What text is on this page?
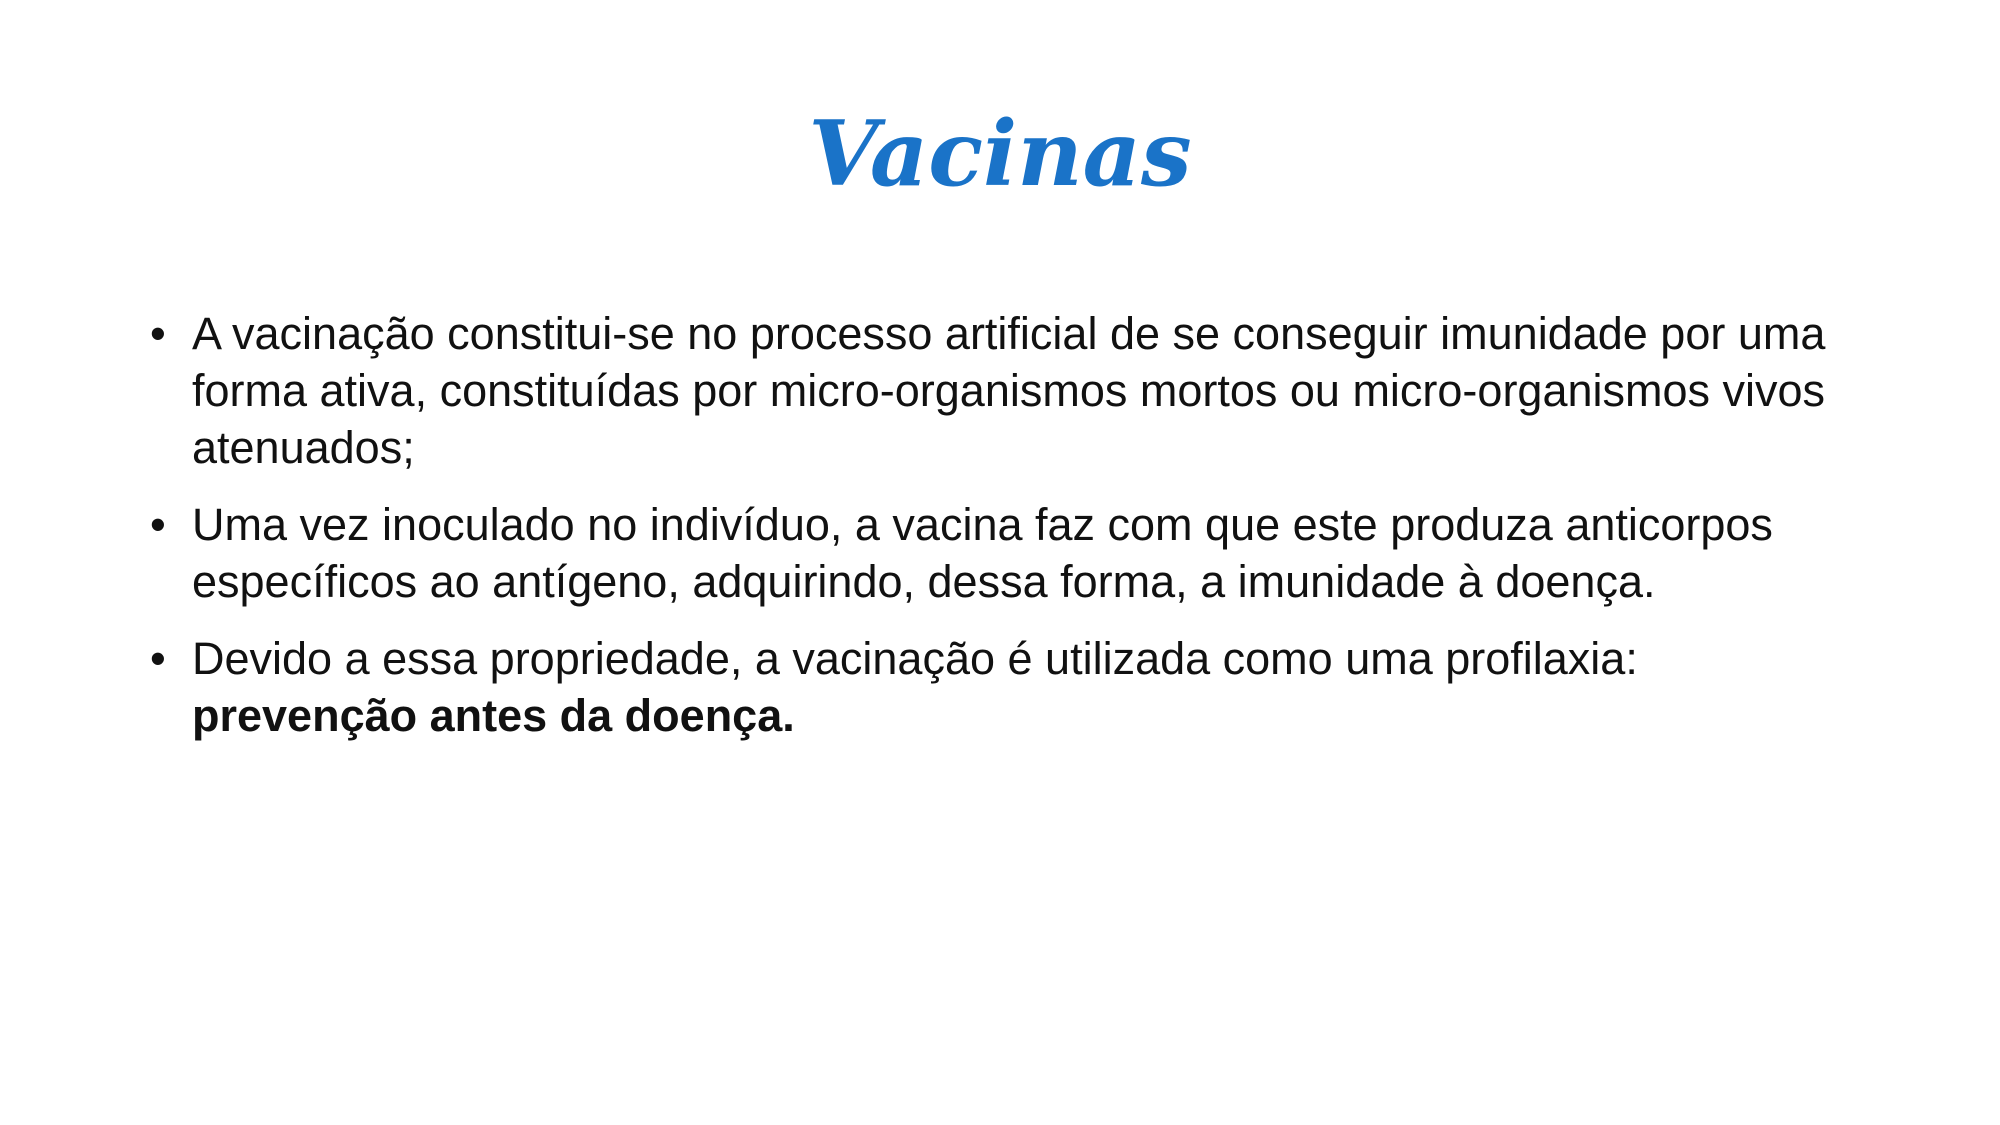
Vacinas
• A vacinação constitui-se no processo artificial de se conseguir imunidade por uma forma ativa, constituídas por micro-organismos mortos ou micro-organismos vivos atenuados;
• Uma vez inoculado no indivíduo, a vacina faz com que este produza anticorpos específicos ao antígeno, adquirindo, dessa forma, a imunidade à doença.
• Devido a essa propriedade, a vacinação é utilizada como uma profilaxia: prevenção antes da doença.
